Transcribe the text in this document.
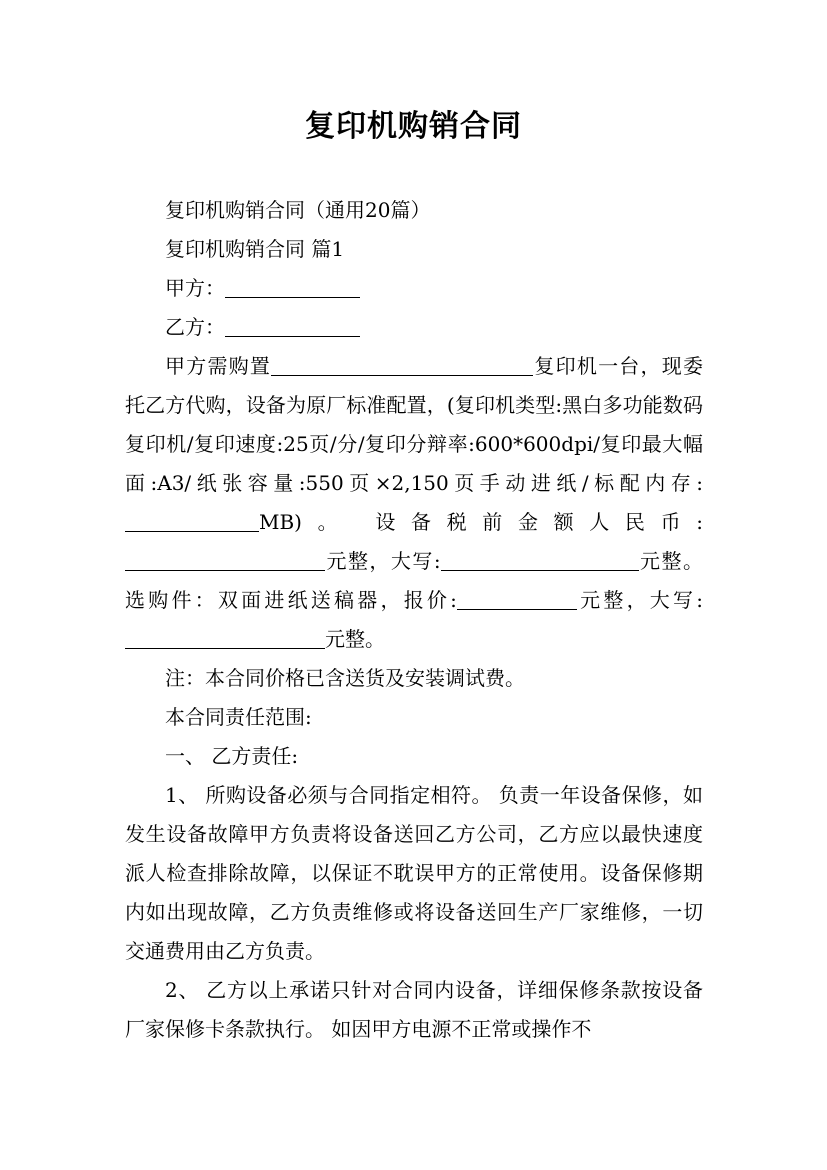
复印机购销合同

复印机购销合同（通用20篇）

复印机购销合同 篇1

甲方：

乙方：

甲方需购置	复印机一台，现委托乙方代购，设备为原厂标准配置，(复印机类型:黑白多功能数码复印机/复印速度:25页/分/复印分辩率:600*600dpi/复印最大幅面:A3/纸张容量:550页×2,150页手动进纸/标配内存:MB)。 设备税前金额人民币:元整，大写:	元整。选购件：双面进纸送稿器，报价:	元整，大写:元整。

注：本合同价格已含送货及安装调试费。

本合同责任范围:

一、 乙方责任:

1、 所购设备必须与合同指定相符。 负责一年设备保修，如发生设备故障甲方负责将设备送回乙方公司，乙方应以最快速度派人检查排除故障，以保证不耽误甲方的正常使用。设备保修期内如出现故障，乙方负责维修或将设备送回生产厂家维修，一切交通费用由乙方负责。

2、 乙方以上承诺只针对合同内设备，详细保修条款按设备厂家保修卡条款执行。 如因甲方电源不正常或操作不
